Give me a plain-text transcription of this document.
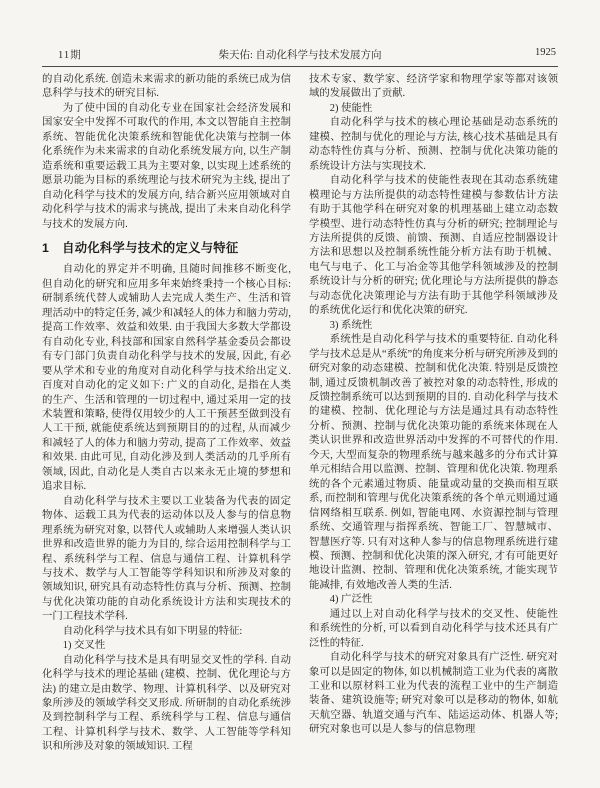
11期	柴天佑: 自动化科学与技术发展方向	1925

的自动化系统. 创造未来需求的新功能的系统已成为信息科学与技术的研究目标.

为了使中国的自动化专业在国家社会经济发展和国家安全中发挥不可取代的作用, 本文以智能自主控制系统、智能优化决策系统和智能优化决策与控制一体化系统作为未来需求的自动化系统发展方向, 以生产制造系统和重要运载工具为主要对象, 以实现上述系统的愿景功能为目标的系统理论与技术研究为主线, 提出了自动化科学与技术的发展方向, 结合新兴应用领域对自动化科学与技术的需求与挑战, 提出了未来自动化科学与技术的发展方向.

1 自动化科学与技术的定义与特征

自动化的界定并不明确, 且随时间推移不断变化, 但自动化的研究和应用多年来始终秉持一个核心目标: 研制系统代替人或辅助人去完成人类生产、生活和管理活动中的特定任务, 减少和减轻人的体力和脑力劳动, 提高工作效率、效益和效果. 由于我国大多数大学都设有自动化专业, 科技部和国家自然科学基金委员会都设有专门部门负责自动化科学与技术的发展, 因此, 有必要从学术和专业的角度对自动化科学与技术给出定义. 百度对自动化的定义如下: 广义的自动化, 是指在人类的生产、生活和管理的一切过程中, 通过采用一定的技术装置和策略, 使得仅用较少的人工干预甚至做到没有人工干预, 就能使系统达到预期目的的过程, 从而减少和减轻了人的体力和脑力劳动, 提高了工作效率、效益和效果. 由此可见, 自动化涉及到人类活动的几乎所有领域, 因此, 自动化是人类自古以来永无止境的梦想和追求目标.

自动化科学与技术主要以工业装备为代表的固定物体、运载工具为代表的运动体以及人参与的信息物理系统为研究对象, 以替代人或辅助人来增强人类认识世界和改造世界的能力为目的, 综合运用控制科学与工程、系统科学与工程、信息与通信工程、计算机科学与技术、数学与人工智能等学科知识和所涉及对象的领域知识, 研究具有动态特性仿真与分析、预测、控制与优化决策功能的自动化系统设计方法和实现技术的一门工程技术学科.

自动化科学与技术具有如下明显的特征:

1) 交叉性

自动化科学与技术是具有明显交叉性的学科. 自动化科学与技术的理论基础 (建模、控制、优化理论与方法) 的建立是由数学、物理、计算机科学、以及研究对象所涉及的领域学科交叉形成. 所研制的自动化系统涉及到控制科学与工程、系统科学与工程、信息与通信工程、计算机科学与技术、数学、人工智能等学科知识和所涉及对象的领域知识. 工程

技术专家、数学家、经济学家和物理学家等都对该领域的发展做出了贡献.

2) 使能性

自动化科学与技术的核心理论基础是动态系统的建模、控制与优化的理论与方法, 核心技术基础是具有动态特性仿真与分析、预测、控制与优化决策功能的系统设计方法与实现技术.

自动化科学与技术的使能性表现在其动态系统建模理论与方法所提供的动态特性建模与参数估计方法有助于其他学科在研究对象的机理基础上建立动态数学模型、进行动态特性仿真与分析的研究; 控制理论与方法所提供的反馈、前馈、预测、自适应控制器设计方法和思想以及控制系统性能分析方法有助于机械、电气与电子、化工与冶金等其他学科领域涉及的控制系统设计与分析的研究; 优化理论与方法所提供的静态与动态优化决策理论与方法有助于其他学科领域涉及的系统优化运行和优化决策的研究.

3) 系统性

系统性是自动化科学与技术的重要特征. 自动化科学与技术总是从“系统”的角度来分析与研究所涉及到的研究对象的动态建模、控制和优化决策. 特别是反馈控制, 通过反馈机制改善了被控对象的动态特性, 形成的反馈控制系统可以达到预期的目的. 自动化科学与技术的建模、控制、优化理论与方法是通过具有动态特性分析、预测、控制与优化决策功能的系统来体现在人类认识世界和改造世界活动中发挥的不可替代的作用. 今天, 大型而复杂的物理系统与越来越多的分布式计算单元相结合用以监测、控制、管理和优化决策. 物理系统的各个元素通过物质、能量或动量的交换而相互联系, 而控制和管理与优化决策系统的各个单元则通过通信网络相互联系. 例如, 智能电网、水资源控制与管理系统、交通管理与指挥系统、智能工厂、智慧城市、智慧医疗等. 只有对这种人参与的信息物理系统进行建模、预测、控制和优化决策的深入研究, 才有可能更好地设计监测、控制、管理和优化决策系统, 才能实现节能减排, 有效地改善人类的生活.

4) 广泛性

通过以上对自动化科学与技术的交叉性、使能性和系统性的分析, 可以看到自动化科学与技术还具有广泛性的特征.

自动化科学与技术的研究对象具有广泛性. 研究对象可以是固定的物体, 如以机械制造工业为代表的离散工业和以原材料工业为代表的流程工业中的生产制造装备、建筑设施等; 研究对象可以是移动的物体, 如航天航空器、轨道交通与汽车、陆运运动体、机器人等; 研究对象也可以是人参与的信息物理
